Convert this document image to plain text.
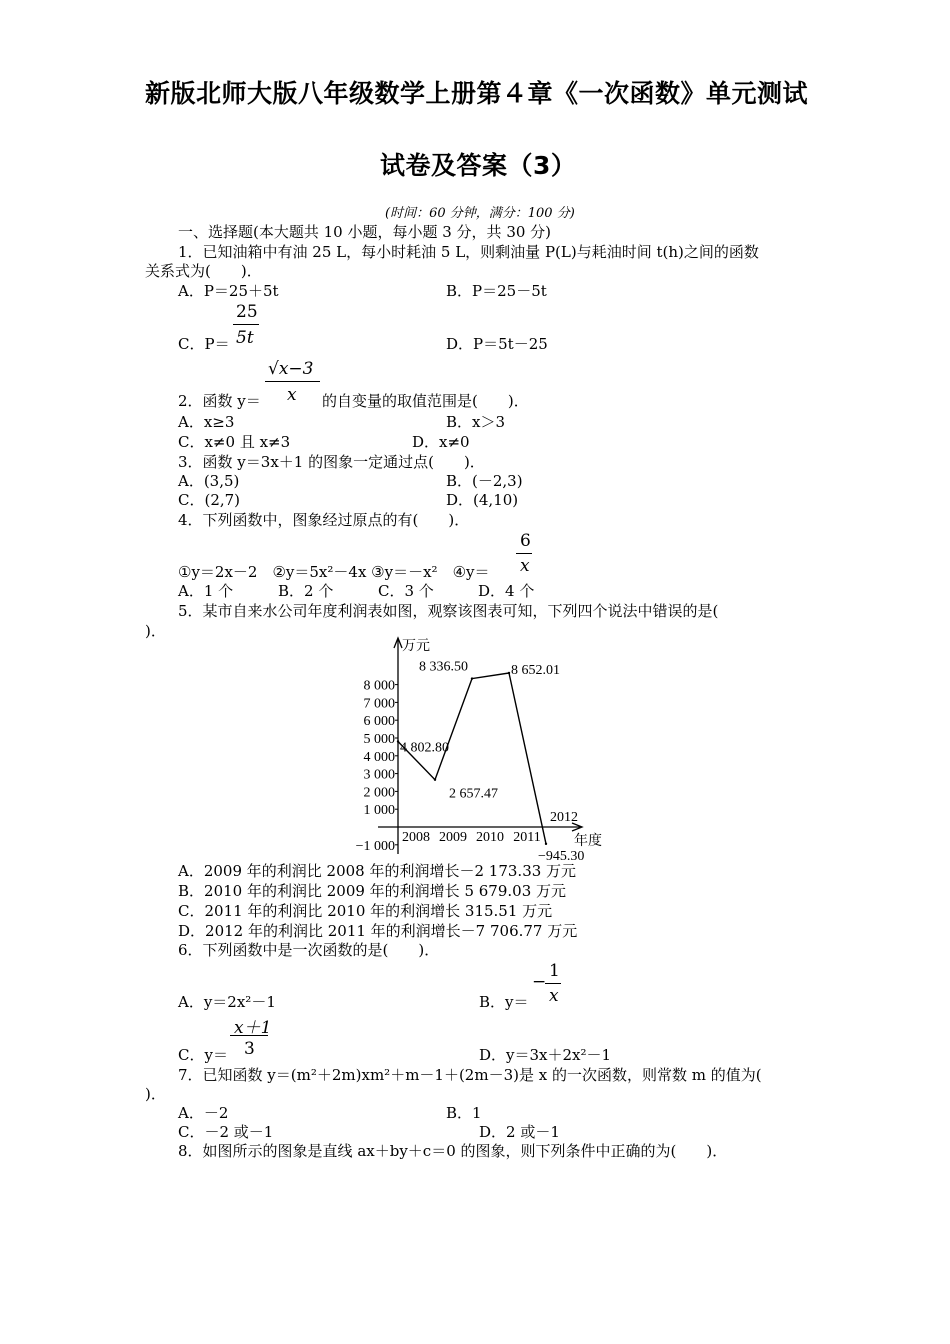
新版北师大版八年级数学上册第４章《一次函数》单元测试
试卷及答案（3）
(时间：60 分钟，满分：100 分)
一、选择题(本大题共 10 小题，每小题 3 分，共 30 分)
1．已知油箱中有油 25 L，每小时耗油 5 L，则剩油量 P(L)与耗油时间 t(h)之间的函数
关系式为(　　)．
A．P＝25＋5t	B．P＝25－5t
C．P＝
25
5t	D．P＝5t－25
2．函数 y＝
√x−3
x 的自变量的取值范围是(　　)．
A．x≥3	B．x＞3
C．x≠0 且 x≠3	D．x≠0
3．函数 y＝3x＋1 的图象一定通过点(　　)．
A．(3,5)	B．(－2,3)
C．(2,7)	D．(4,10)
4．下列函数中，图象经过原点的有(　　)．
①y＝2x－2　②y＝5x²－4x ③y＝－x²　④y＝
6
x
A．1 个	B．2 个	C．3 个	D．4 个
5．某市自来水公司年度利润表如图，观察该图表可知，下列四个说法中错误的是(
)．
−1 000
1 000
2 000
3 000
4 000
5 000
6 000
7 000
8 000
2008 2009 2010 2011
2012
万元
年度
4 802.80
2 657.47
8 336.50	8 652.01
−945.30
A．2009 年的利润比 2008 年的利润增长－2 173.33 万元
B．2010 年的利润比 2009 年的利润增长 5 679.03 万元
C．2011 年的利润比 2010 年的利润增长 315.51 万元
D．2012 年的利润比 2011 年的利润增长－7 706.77 万元
6．下列函数中是一次函数的是(　　)．
A．y＝2x²－1	B．y＝
−
1
x
C．y＝
x＋1
3	D．y＝3x＋2x²－1
7．已知函数 y＝(m²＋2m)xm²＋m－1＋(2m－3)是 x 的一次函数，则常数 m 的值为(
)．
A．－2	B．1
C．－2 或－1	D．2 或－1
8．如图所示的图象是直线 ax＋by＋c＝0 的图象，则下列条件中正确的为(　　)．
